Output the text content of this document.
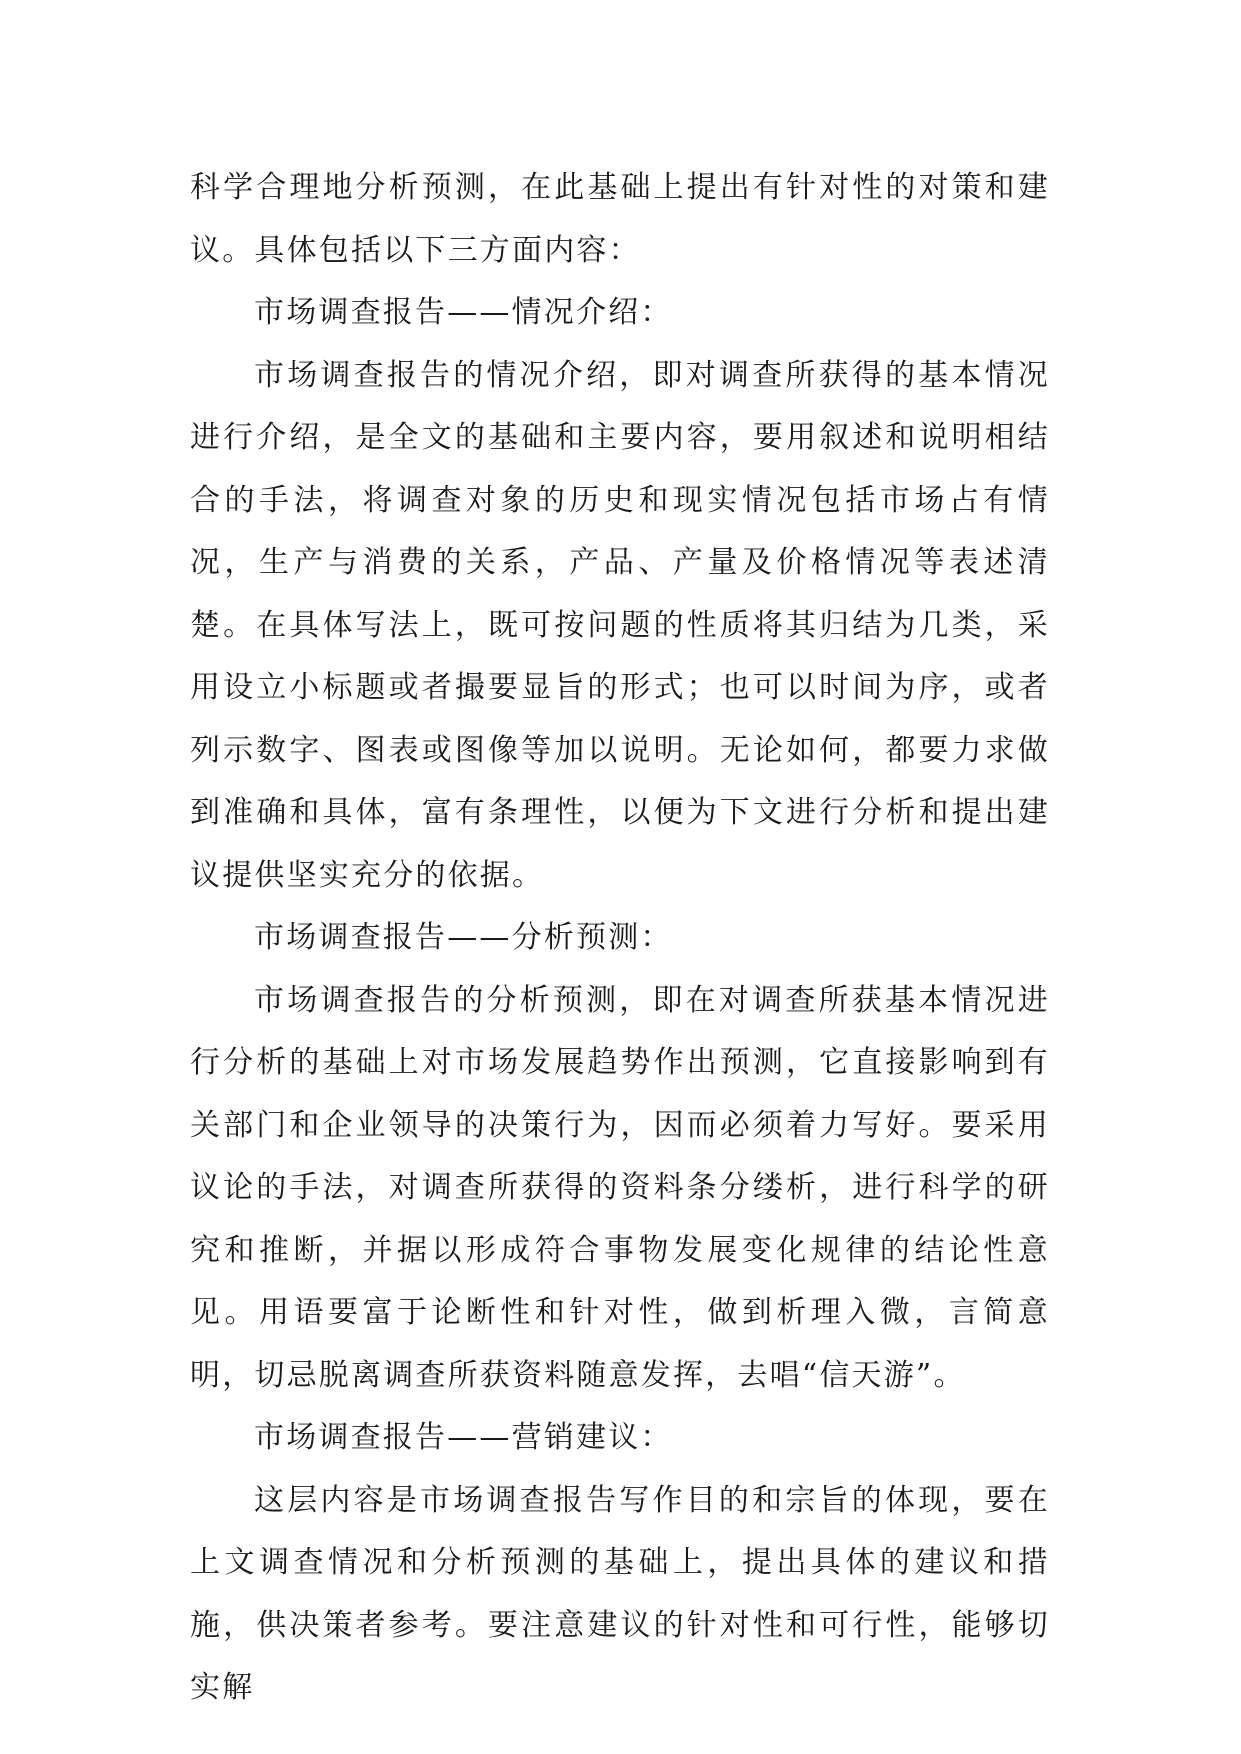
科学合理地分析预测，在此基础上提出有针对性的对策和建议。具体包括以下三方面内容：

市场调查报告——情况介绍：

市场调查报告的情况介绍，即对调查所获得的基本情况进行介绍，是全文的基础和主要内容，要用叙述和说明相结合的手法，将调查对象的历史和现实情况包括市场占有情况，生产与消费的关系，产品、产量及价格情况等表述清楚。在具体写法上，既可按问题的性质将其归结为几类，采用设立小标题或者撮要显旨的形式；也可以时间为序，或者列示数字、图表或图像等加以说明。无论如何，都要力求做到准确和具体，富有条理性，以便为下文进行分析和提出建议提供坚实充分的依据。

市场调查报告——分析预测：

市场调查报告的分析预测，即在对调查所获基本情况进行分析的基础上对市场发展趋势作出预测，它直接影响到有关部门和企业领导的决策行为，因而必须着力写好。要采用议论的手法，对调查所获得的资料条分缕析，进行科学的研究和推断，并据以形成符合事物发展变化规律的结论性意见。用语要富于论断性和针对性，做到析理入微，言简意明，切忌脱离调查所获资料随意发挥，去唱“信天游”。

市场调查报告——营销建议：

这层内容是市场调查报告写作目的和宗旨的体现，要在上文调查情况和分析预测的基础上，提出具体的建议和措施，供决策者参考。要注意建议的针对性和可行性，能够切实解
